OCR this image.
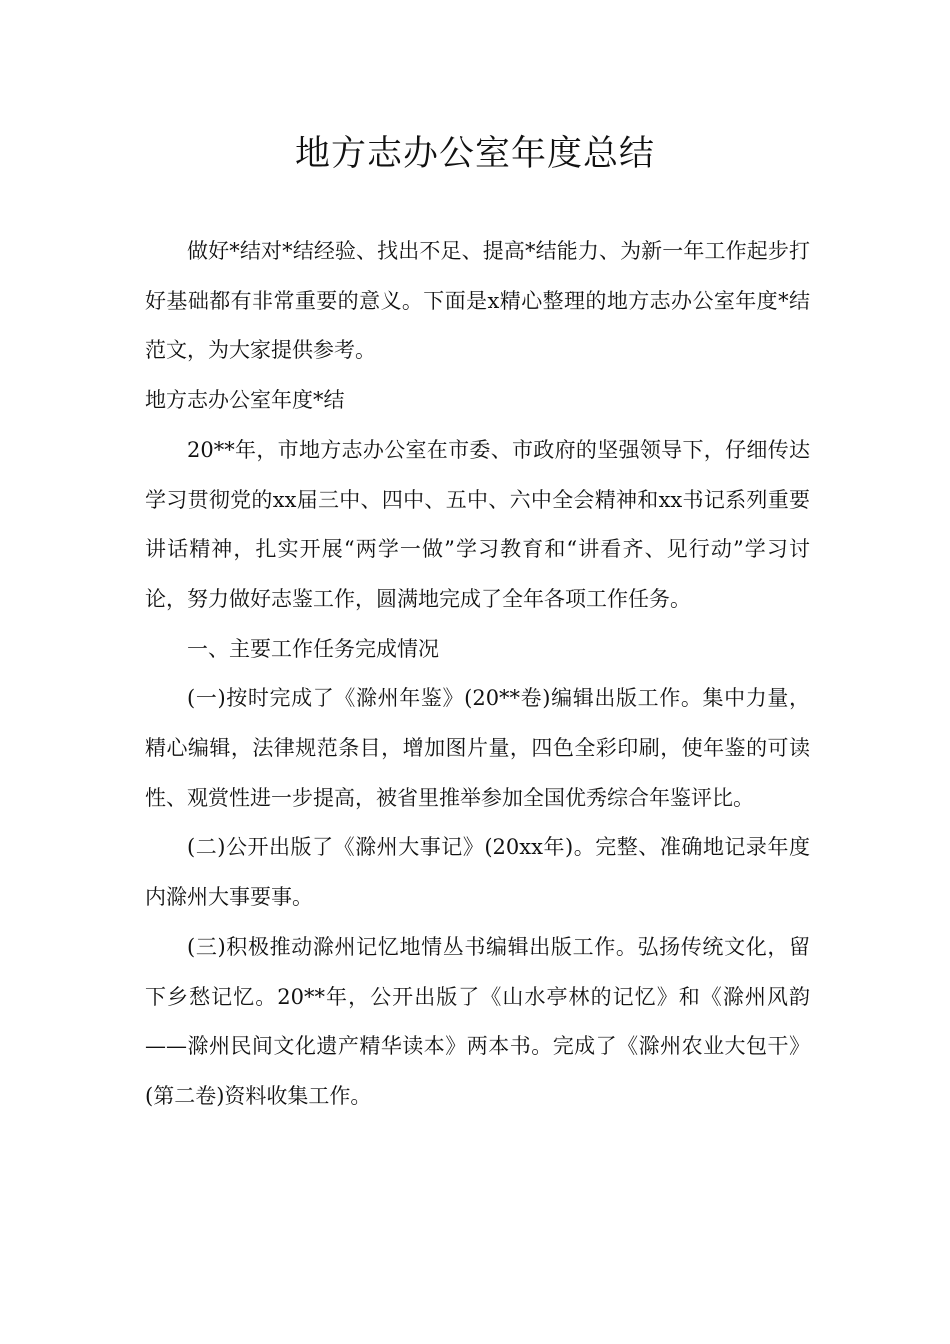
地方志办公室年度总结

做好*结对*结经验、找出不足、提高*结能力、为新一年工作起步打好基础都有非常重要的意义。下面是x精心整理的地方志办公室年度*结范文，为大家提供参考。

地方志办公室年度*结

20**年，市地方志办公室在市委、市政府的坚强领导下，仔细传达学习贯彻党的xx届三中、四中、五中、六中全会精神和xx书记系列重要讲话精神，扎实开展“两学一做”学习教育和“讲看齐、见行动”学习讨论，努力做好志鉴工作，圆满地完成了全年各项工作任务。

一、主要工作任务完成情况

(一)按时完成了《滁州年鉴》(20**卷)编辑出版工作。集中力量，精心编辑，法律规范条目，增加图片量，四色全彩印刷，使年鉴的可读性、观赏性进一步提高，被省里推举参加全国优秀综合年鉴评比。

(二)公开出版了《滁州大事记》(20xx年)。完整、准确地记录年度内滁州大事要事。

(三)积极推动滁州记忆地情丛书编辑出版工作。弘扬传统文化，留下乡愁记忆。20**年，公开出版了《山水亭林的记忆》和《滁州风韵——滁州民间文化遗产精华读本》两本书。完成了《滁州农业大包干》(第二卷)资料收集工作。
